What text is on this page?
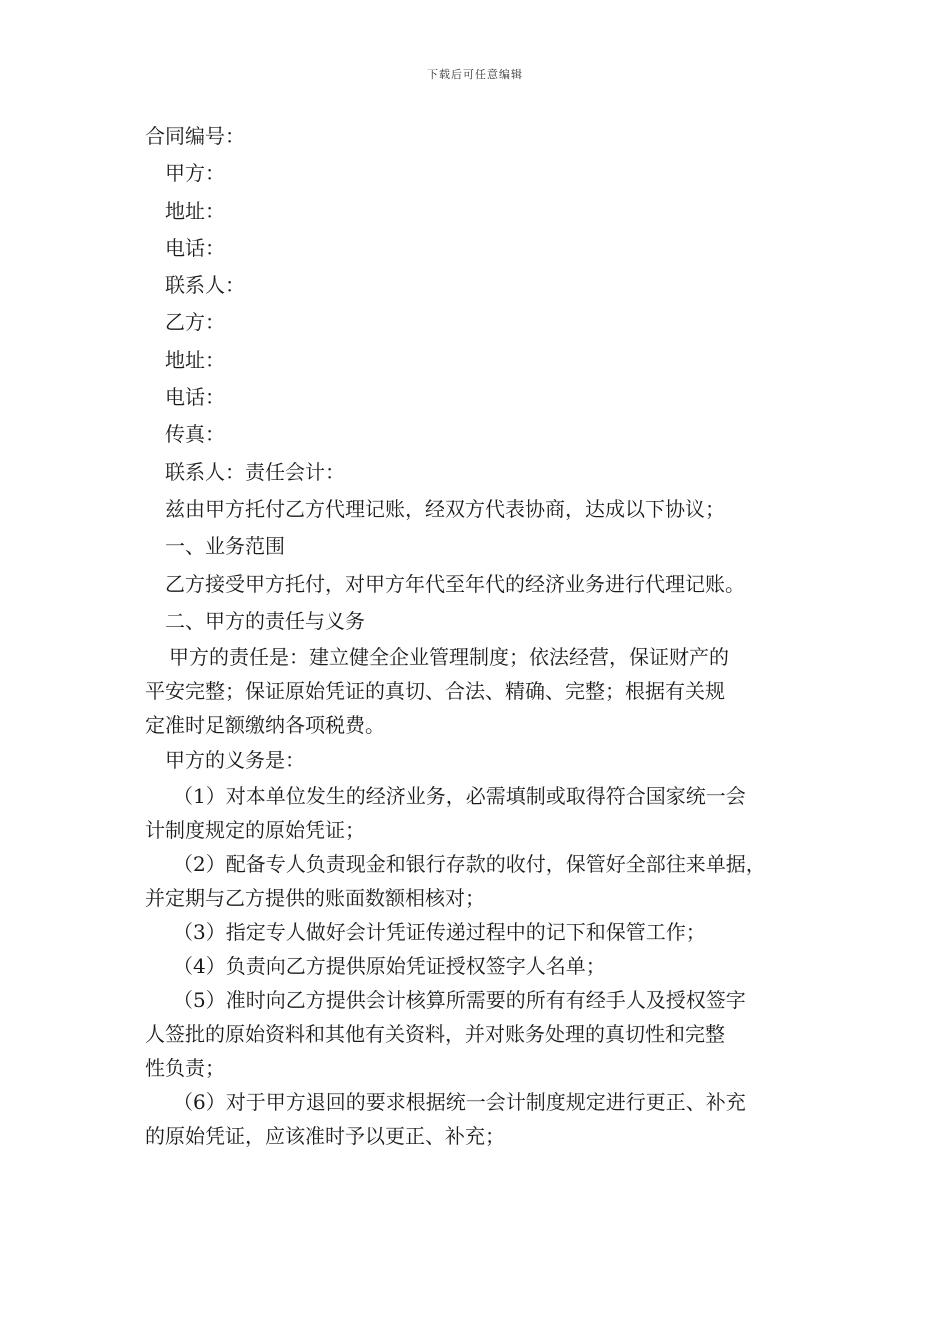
下载后可任意编辑
合同编号：
甲方：
地址：
电话：
联系人：
乙方：
地址：
电话：
传真：
联系人：责任会计：
兹由甲方托付乙方代理记账，经双方代表协商，达成以下协议；
一、业务范围
乙方接受甲方托付，对甲方年代至年代的经济业务进行代理记账。
二、甲方的责任与义务
甲方的责任是：建立健全企业管理制度；依法经营，保证财产的
平安完整；保证原始凭证的真切、合法、精确、完整；根据有关规
定准时足额缴纳各项税费。
甲方的义务是：
（1）对本单位发生的经济业务，必需填制或取得符合国家统一会
计制度规定的原始凭证；
（2）配备专人负责现金和银行存款的收付，保管好全部往来单据，
并定期与乙方提供的账面数额相核对；
（3）指定专人做好会计凭证传递过程中的记下和保管工作；
（4）负责向乙方提供原始凭证授权签字人名单；
（5）准时向乙方提供会计核算所需要的所有有经手人及授权签字
人签批的原始资料和其他有关资料，并对账务处理的真切性和完整
性负责；
（6）对于甲方退回的要求根据统一会计制度规定进行更正、补充
的原始凭证，应该准时予以更正、补充；
